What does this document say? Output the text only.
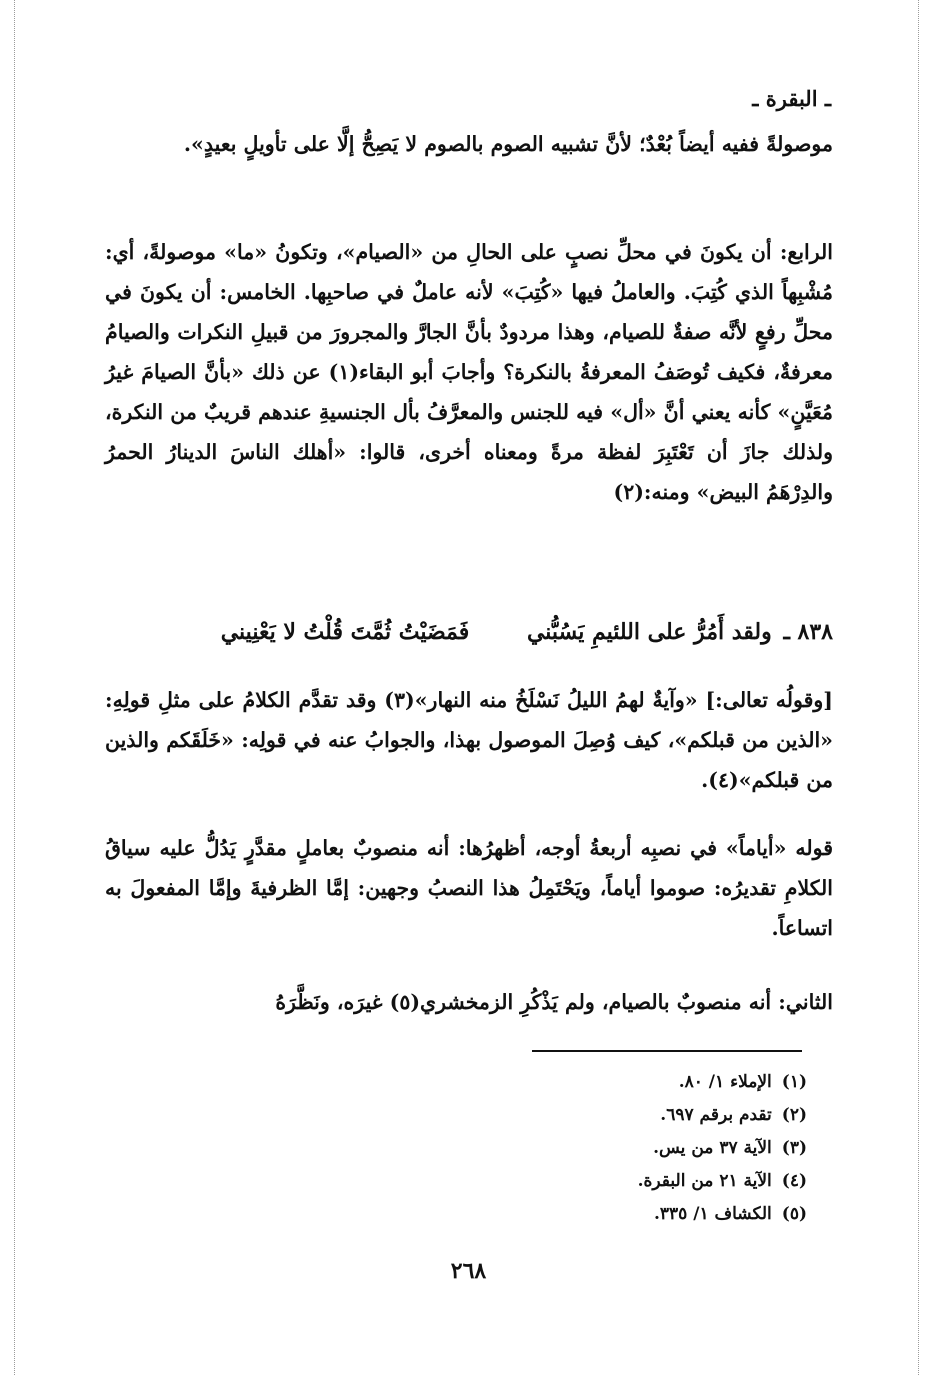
ـ البقرة ـ
موصولةً ففيه أيضاً بُعْدٌ؛ لأنَّ تشبيه الصوم بالصوم لا يَصِحُّ إلَّا على تأويلٍ بعيدٍ».
الرابع: أن يكونَ في محلِّ نصبٍ على الحالِ من «الصيام»، وتكونُ «ما» موصولةً، أي: مُشْبِهاً الذي كُتِبَ. والعاملُ فيها «كُتِبَ» لأنه عاملٌ في صاحبِها. الخامس: أن يكونَ في محلِّ رفعٍ لأنَّه صفةٌ للصيام، وهذا مردودٌ بأنَّ الجارَّ والمجرورَ من قبيلِ النكرات والصيامُ معرفةٌ، فكيف تُوصَفُ المعرفةُ بالنكرة؟ وأجابَ أبو البقاء(١) عن ذلك «بأنَّ الصيامَ غيرُ مُعَيَّنٍ» كأنه يعني أنَّ «أل» فيه للجنس والمعرَّفُ بأل الجنسيةِ عندهم قريبٌ من النكرة، ولذلك جازَ أن تَعْتَبِرَ لفظة مرةً ومعناه أخرى، قالوا: «أهلك الناسَ الدينارُ الحمرُ والدِرْهَمُ البيض» ومنه:(٢)
٨٣٨ ـ ولقد أَمُرُّ على اللئيمِ يَسُبُّني فَمَضَيْتُ ثُمَّتَ قُلْتُ لا يَعْنِيني
[وقولُه تعالى:] «وآيةٌ لهمُ الليلُ نَسْلَخُ منه النهار»(٣) وقد تقدَّم الكلامُ على مثلِ قولِهِ: «الذين من قبلكم»، كيف وُصِلَ الموصول بهذا، والجوابُ عنه في قولِه: «خَلَقَكم والذين من قبلكم»(٤).
قوله «أياماً» في نصبِه أربعةُ أوجه، أظهرُها: أنه منصوبٌ بعاملٍ مقدَّرٍ يَدُلُّ عليه سياقُ الكلامِ تقديرُه: صوموا أياماً، ويَحْتَمِلُ هذا النصبُ وجهين: إمَّا الظرفيةَ وإمَّا المفعولَ به اتساعاً.
الثاني: أنه منصوبٌ بالصيام، ولم يَذْكُرِ الزمخشري(٥) غيرَه، ونَظَّرَهُ
(١)الإملاء ١/ ٨٠.
(٢)تقدم برقم ٦٩٧.
(٣)الآية ٣٧ من يس.
(٤)الآية ٢١ من البقرة.
(٥)الكشاف ١/ ٣٣٥.
٢٦٨
